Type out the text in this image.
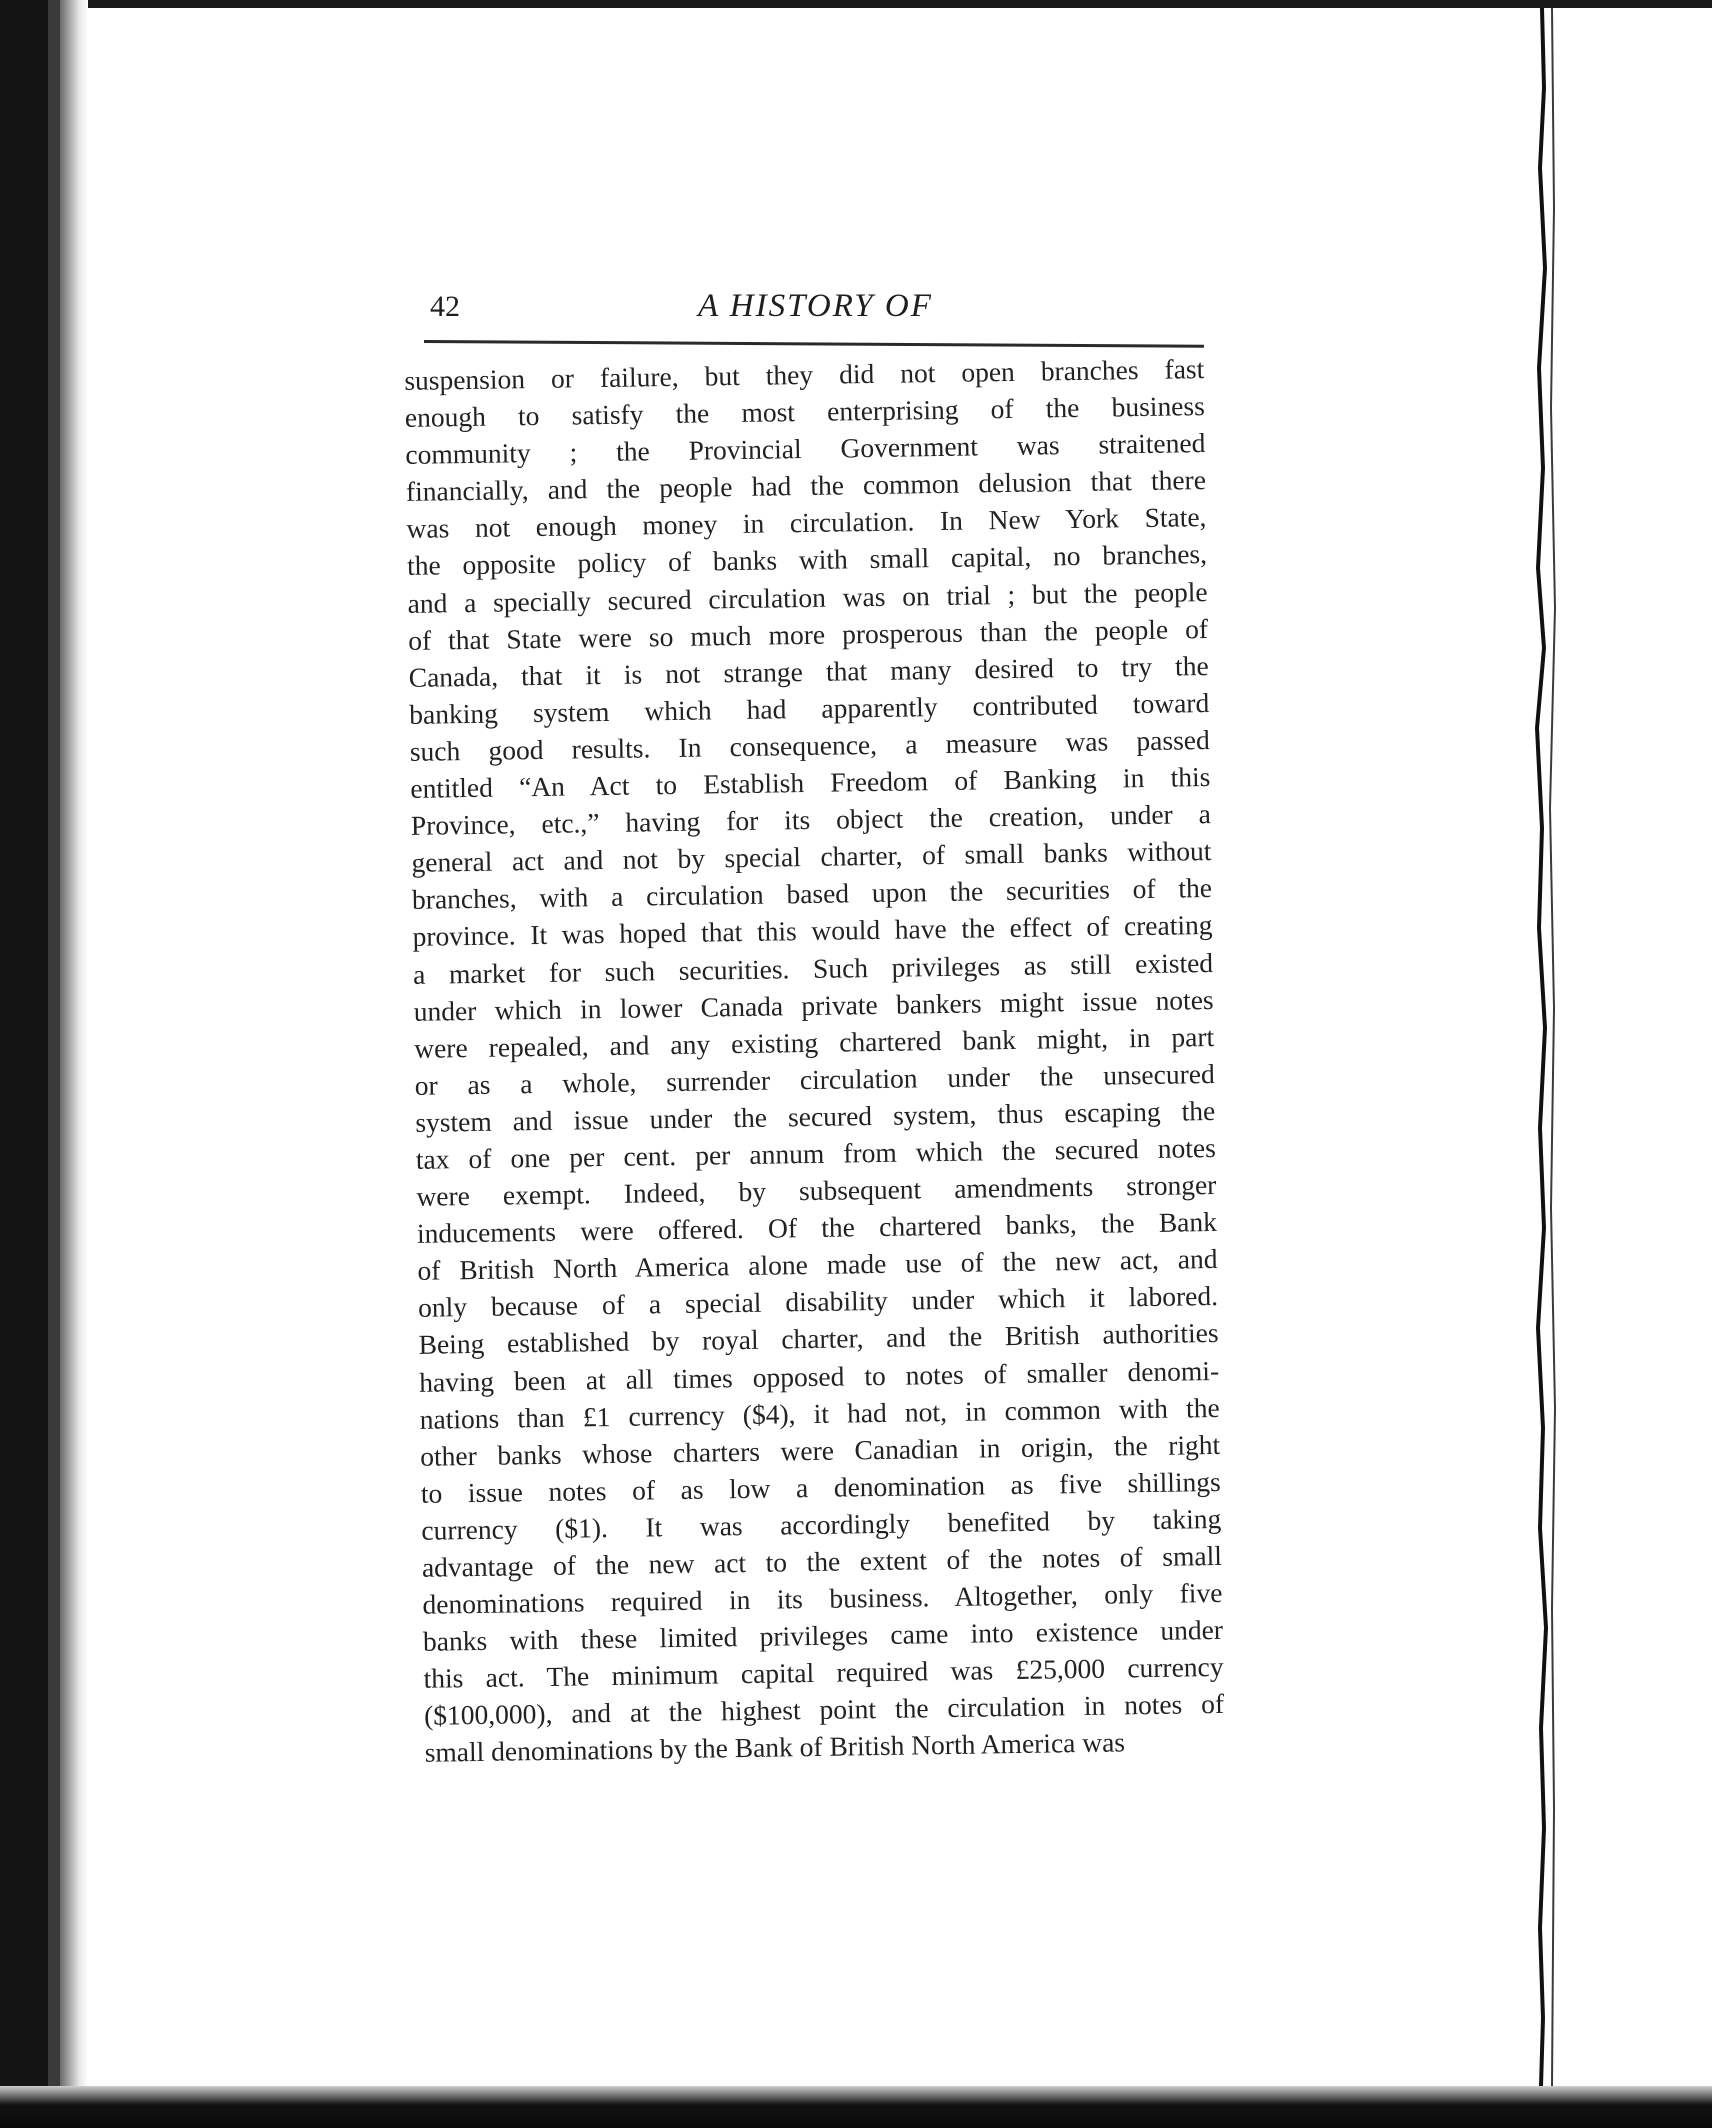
42	A HISTORY OF
suspension or failure, but they did not open branches fast
enough to satisfy the most enterprising of the business
community ; the Provincial Government was straitened
financially, and the people had the common delusion that there
was not enough money in circulation. In New York State,
the opposite policy of banks with small capital, no branches,
and a specially secured circulation was on trial ; but the people
of that State were so much more prosperous than the people of
Canada, that it is not strange that many desired to try the
banking system which had apparently contributed toward
such good results. In consequence, a measure was passed
entitled “An Act to Establish Freedom of Banking in this
Province, etc.,” having for its object the creation, under a
general act and not by special charter, of small banks without
branches, with a circulation based upon the securities of the
province. It was hoped that this would have the effect of creating
a market for such securities. Such privileges as still existed
under which in lower Canada private bankers might issue notes
were repealed, and any existing chartered bank might, in part
or as a whole, surrender circulation under the unsecured
system and issue under the secured system, thus escaping the
tax of one per cent. per annum from which the secured notes
were exempt. Indeed, by subsequent amendments stronger
inducements were offered. Of the chartered banks, the Bank
of British North America alone made use of the new act, and
only because of a special disability under which it labored.
Being established by royal charter, and the British authorities
having been at all times opposed to notes of smaller denomi-
nations than £1 currency ($4), it had not, in common with the
other banks whose charters were Canadian in origin, the right
to issue notes of as low a denomination as five shillings
currency ($1). It was accordingly benefited by taking
advantage of the new act to the extent of the notes of small
denominations required in its business. Altogether, only five
banks with these limited privileges came into existence under
this act. The minimum capital required was £25,000 currency
($100,000), and at the highest point the circulation in notes of
small denominations by the Bank of British North America was
